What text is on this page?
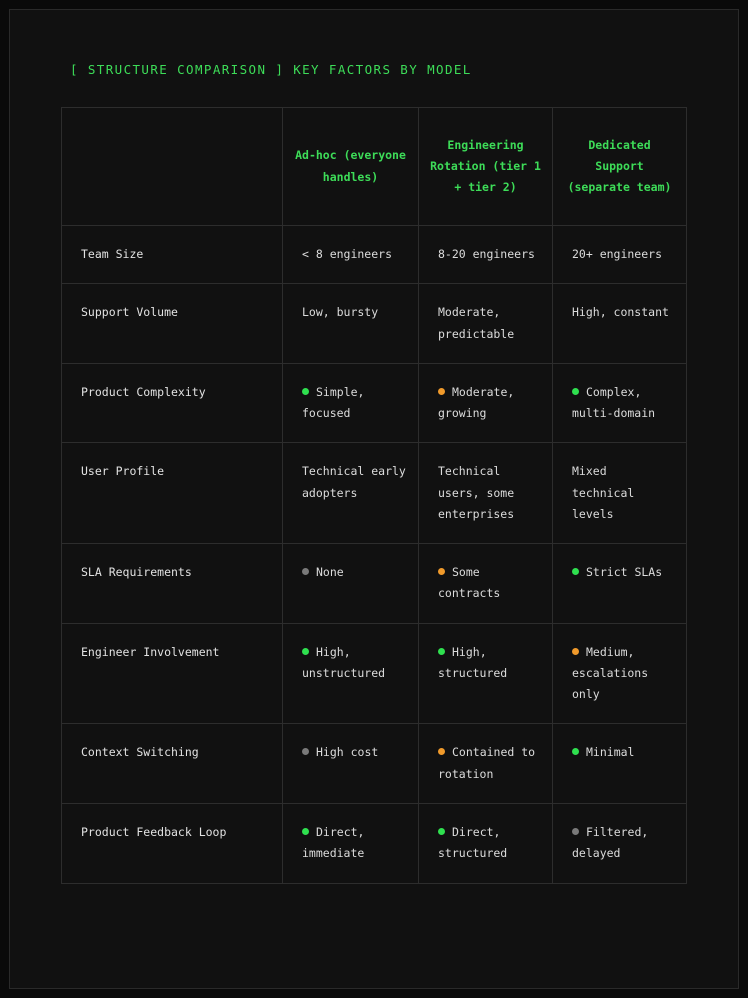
[ STRUCTURE COMPARISON ] KEY FACTORS BY MODEL
	Ad-hoc (everyone handles)	Engineering Rotation (tier 1 + tier 2)	Dedicated Support (separate team)
Team Size	< 8 engineers	8-20 engineers	20+ engineers
Support Volume	Low, bursty	Moderate, predictable	High, constant
Product Complexity	Simple, focused	Moderate, growing	Complex, multi-domain
User Profile	Technical early adopters	Technical users, some enterprises	Mixed technical levels
SLA Requirements	None	Some contracts	Strict SLAs
Engineer Involvement	High, unstructured	High, structured	Medium, escalations only
Context Switching	High cost	Contained to rotation	Minimal
Product Feedback Loop	Direct, immediate	Direct, structured	Filtered, delayed
